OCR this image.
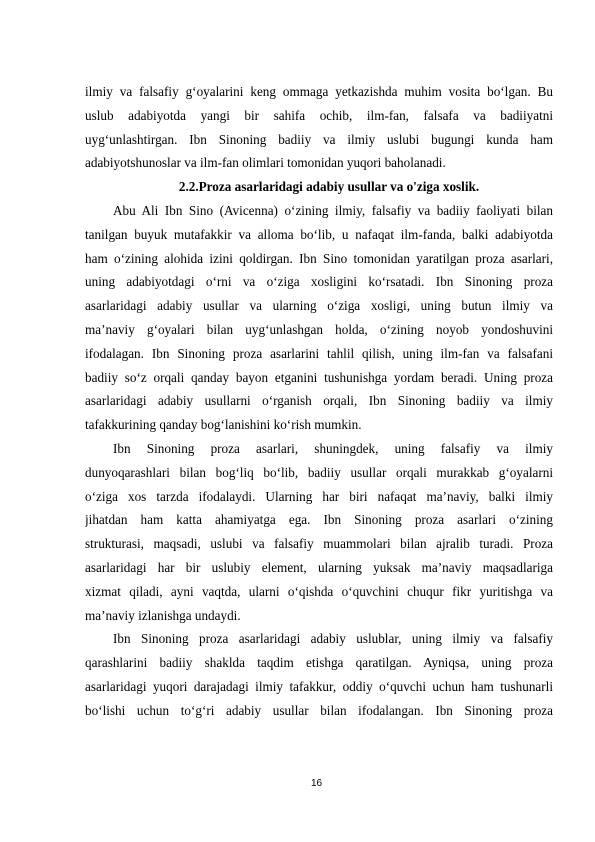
ilmiy va falsafiy g‘oyalarini keng ommaga yetkazishda muhim vosita bo‘lgan. Bu
uslub adabiyotda yangi bir sahifa ochib, ilm-fan, falsafa va badiiyatni
uyg‘unlashtirgan. Ibn Sinoning badiiy va ilmiy uslubi bugungi kunda ham
adabiyotshunoslar va ilm-fan olimlari tomonidan yuqori baholanadi.
2.2.Proza asarlaridagi adabiy usullar va o'ziga xoslik.
Abu Ali Ibn Sino (Avicenna) o‘zining ilmiy, falsafiy va badiiy faoliyati bilan
tanilgan buyuk mutafakkir va alloma bo‘lib, u nafaqat ilm-fanda, balki adabiyotda
ham o‘zining alohida izini qoldirgan. Ibn Sino tomonidan yaratilgan proza asarlari,
uning adabiyotdagi o‘rni va o‘ziga xosligini ko‘rsatadi. Ibn Sinoning proza
asarlaridagi adabiy usullar va ularning o‘ziga xosligi, uning butun ilmiy va
ma’naviy g‘oyalari bilan uyg‘unlashgan holda, o‘zining noyob yondoshuvini
ifodalagan. Ibn Sinoning proza asarlarini tahlil qilish, uning ilm-fan va falsafani
badiiy so‘z orqali qanday bayon etganini tushunishga yordam beradi. Uning proza
asarlaridagi adabiy usullarni o‘rganish orqali, Ibn Sinoning badiiy va ilmiy
tafakkurining qanday bog‘lanishini ko‘rish mumkin.
Ibn Sinoning proza asarlari, shuningdek, uning falsafiy va ilmiy
dunyoqarashlari bilan bog‘liq bo‘lib, badiiy usullar orqali murakkab g‘oyalarni
o‘ziga xos tarzda ifodalaydi. Ularning har biri nafaqat ma’naviy, balki ilmiy
jihatdan ham katta ahamiyatga ega. Ibn Sinoning proza asarlari o‘zining
strukturasi, maqsadi, uslubi va falsafiy muammolari bilan ajralib turadi. Proza
asarlaridagi har bir uslubiy element, ularning yuksak ma’naviy maqsadlariga
xizmat qiladi, ayni vaqtda, ularni o‘qishda o‘quvchini chuqur fikr yuritishga va
ma’naviy izlanishga undaydi.
Ibn Sinoning proza asarlaridagi adabiy uslublar, uning ilmiy va falsafiy
qarashlarini badiiy shaklda taqdim etishga qaratilgan. Ayniqsa, uning proza
asarlaridagi yuqori darajadagi ilmiy tafakkur, oddiy o‘quvchi uchun ham tushunarli
bo‘lishi uchun to‘g‘ri adabiy usullar bilan ifodalangan. Ibn Sinoning proza
16
